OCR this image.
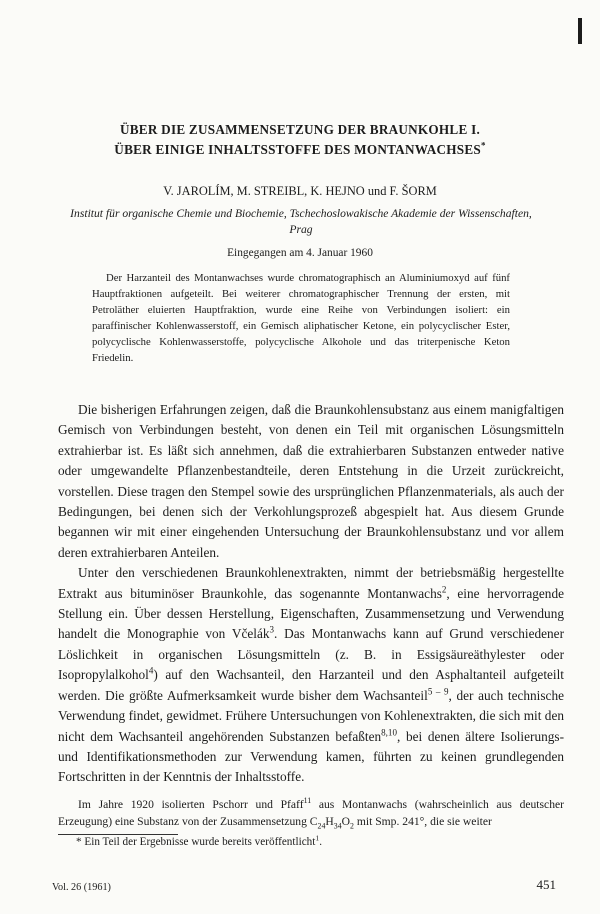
ÜBER DIE ZUSAMMENSETZUNG DER BRAUNKOHLE I.
ÜBER EINIGE INHALTSSTOFFE DES MONTANWACHSES*
V. JAROLÍM, M. STREIBL, K. HEJNO und F. ŠORM
Institut für organische Chemie und Biochemie, Tschechoslowakische Akademie der Wissenschaften,
Prag
Eingegangen am 4. Januar 1960

Der Harzanteil des Montanwachses wurde chromatographisch an Aluminiumoxyd auf fünf Hauptfraktionen aufgeteilt. Bei weiterer chromatographischer Trennung der ersten, mit Petroläther eluierten Hauptfraktion, wurde eine Reihe von Verbindungen isoliert: ein paraffinischer Kohlenwasserstoff, ein Gemisch aliphatischer Ketone, ein polycyclischer Ester, polycyclische Kohlenwasserstoffe, polycyclische Alkohole und das triterpenische Keton Friedelin.

Die bisherigen Erfahrungen zeigen, daß die Braunkohlensubstanz aus einem manigfaltigen Gemisch von Verbindungen besteht, von denen ein Teil mit organischen Lösungsmitteln extrahierbar ist. Es läßt sich annehmen, daß die extrahierbaren Substanzen entweder native oder umgewandelte Pflanzenbestandteile, deren Entstehung in die Urzeit zurückreicht, vorstellen. Diese tragen den Stempel sowie des ursprünglichen Pflanzenmaterials, als auch der Bedingungen, bei denen sich der Verkohlungsprozeß abgespielt hat. Aus diesem Grunde begannen wir mit einer eingehenden Untersuchung der Braunkohlensubstanz und vor allem deren extrahierbaren Anteilen.

Unter den verschiedenen Braunkohlenextrakten, nimmt der betriebsmäßig hergestellte Extrakt aus bituminöser Braunkohle, das sogenannte Montanwachs$^2$, eine hervorragende Stellung ein. Über dessen Herstellung, Eigenschaften, Zusammensetzung und Verwendung handelt die Monographie von Včelák$^3$. Das Montanwachs kann auf Grund verschiedener Löslichkeit in organischen Lösungsmitteln (z. B. in Essigsäureäthylester oder Isopropylalkohol$^4$) auf den Wachsanteil, den Harzanteil und den Asphaltanteil aufgeteilt werden. Die größte Aufmerksamkeit wurde bisher dem Wachsanteil$^{5 - 9}$, der auch technische Verwendung findet, gewidmet. Frühere Untersuchungen von Kohlenextrakten, die sich mit den nicht dem Wachsanteil angehörenden Substanzen befaßten$^{8,10}$, bei denen ältere Isolierungs- und Identifikationsmethoden zur Verwendung kamen, führten zu keinen grundlegenden Fortschritten in der Kenntnis der Inhaltsstoffe.

Im Jahre 1920 isolierten Pschorr und Pfaff$^{11}$ aus Montanwachs (wahrscheinlich aus deutscher Erzeugung) eine Substanz von der Zusammensetzung $C_{24}H_{34}O_2$ mit Smp. 241°, die sie weiter

* Ein Teil der Ergebnisse wurde bereits veröffentlicht$^1$.
Vol. 26 (1961)	451
